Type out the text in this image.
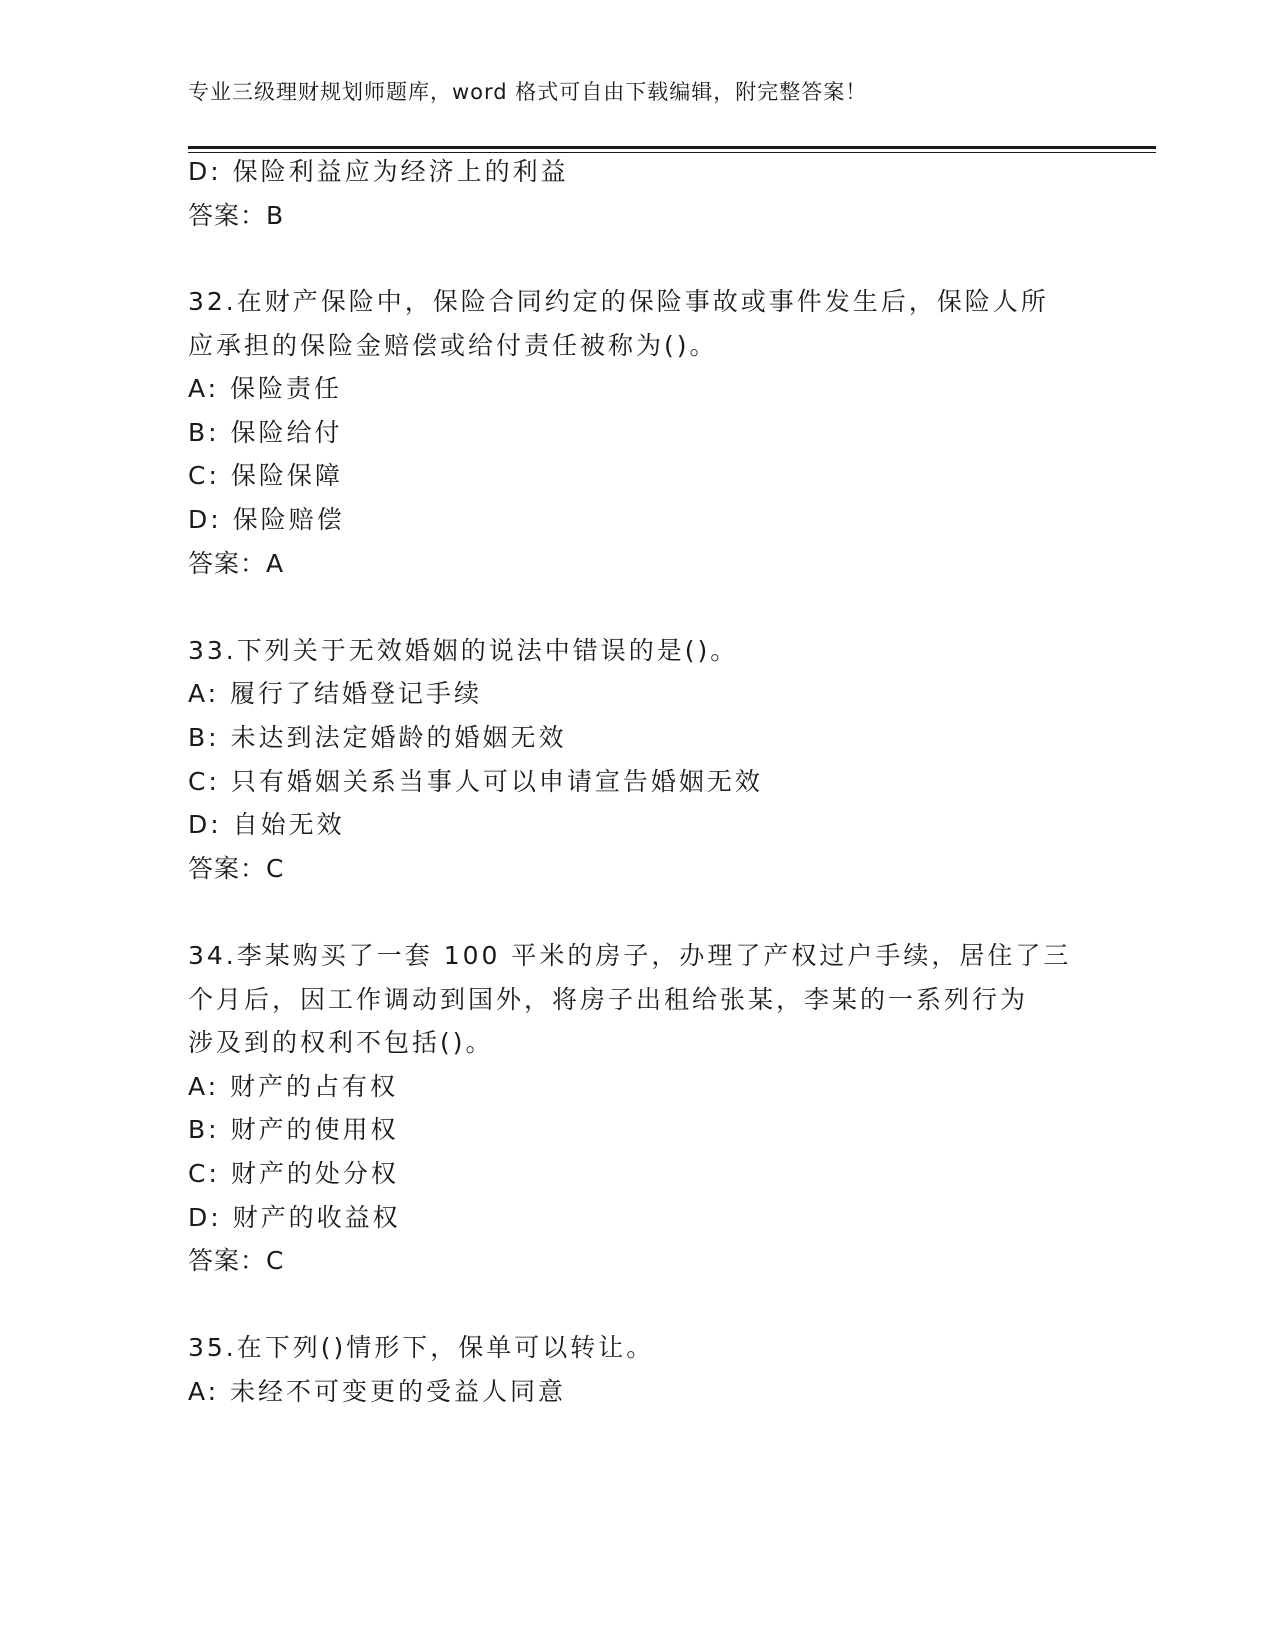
专业三级理财规划师题库，word 格式可自由下载编辑，附完整答案！
D: 保险利益应为经济上的利益
答案：B
32.在财产保险中，保险合同约定的保险事故或事件发生后，保险人所
应承担的保险金赔偿或给付责任被称为()。
A: 保险责任
B: 保险给付
C: 保险保障
D: 保险赔偿
答案：A
33.下列关于无效婚姻的说法中错误的是()。
A: 履行了结婚登记手续
B: 未达到法定婚龄的婚姻无效
C: 只有婚姻关系当事人可以申请宣告婚姻无效
D: 自始无效
答案：C
34.李某购买了一套 100 平米的房子，办理了产权过户手续，居住了三
个月后，因工作调动到国外，将房子出租给张某，李某的一系列行为
涉及到的权利不包括()。
A: 财产的占有权
B: 财产的使用权
C: 财产的处分权
D: 财产的收益权
答案：C
35.在下列()情形下，保单可以转让。
A: 未经不可变更的受益人同意
